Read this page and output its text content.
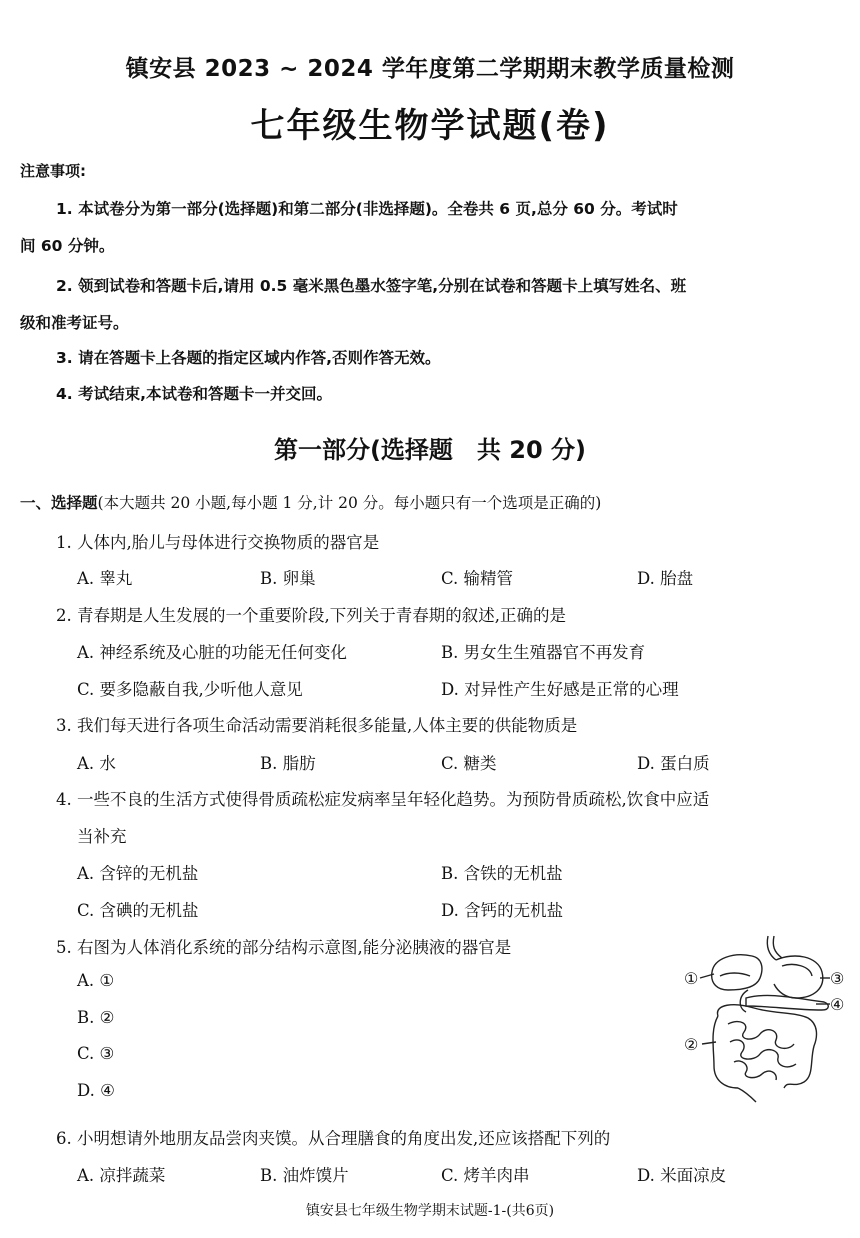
镇安县 2023 ~ 2024 学年度第二学期期末教学质量检测
七年级生物学试题(卷)
注意事项:
1. 本试卷分为第一部分(选择题)和第二部分(非选择题)。全卷共 6 页,总分 60 分。考试时
间 60 分钟。
2. 领到试卷和答题卡后,请用 0.5 毫米黑色墨水签字笔,分别在试卷和答题卡上填写姓名、班
级和准考证号。
3. 请在答题卡上各题的指定区域内作答,否则作答无效。
4. 考试结束,本试卷和答题卡一并交回。
第一部分(选择题　共 20 分)
一、选择题(本大题共 20 小题,每小题 1 分,计 20 分。每小题只有一个选项是正确的)
1. 人体内,胎儿与母体进行交换物质的器官是
A. 睾丸	B. 卵巢	C. 输精管	D. 胎盘
2. 青春期是人生发展的一个重要阶段,下列关于青春期的叙述,正确的是
A. 神经系统及心脏的功能无任何变化	B. 男女生生殖器官不再发育
C. 要多隐蔽自我,少听他人意见	D. 对异性产生好感是正常的心理
3. 我们每天进行各项生命活动需要消耗很多能量,人体主要的供能物质是
A. 水	B. 脂肪	C. 糖类	D. 蛋白质
4. 一些不良的生活方式使得骨质疏松症发病率呈年轻化趋势。为预防骨质疏松,饮食中应适
当补充
A. 含锌的无机盐	B. 含铁的无机盐
C. 含碘的无机盐	D. 含钙的无机盐
5. 右图为人体消化系统的部分结构示意图,能分泌胰液的器官是
A. ①
B. ②
C. ③
D. ④
①
②
③
④
6. 小明想请外地朋友品尝肉夹馍。从合理膳食的角度出发,还应该搭配下列的
A. 凉拌蔬菜	B. 油炸馍片	C. 烤羊肉串	D. 米面凉皮
镇安县七年级生物学期末试题-1-(共6页)
